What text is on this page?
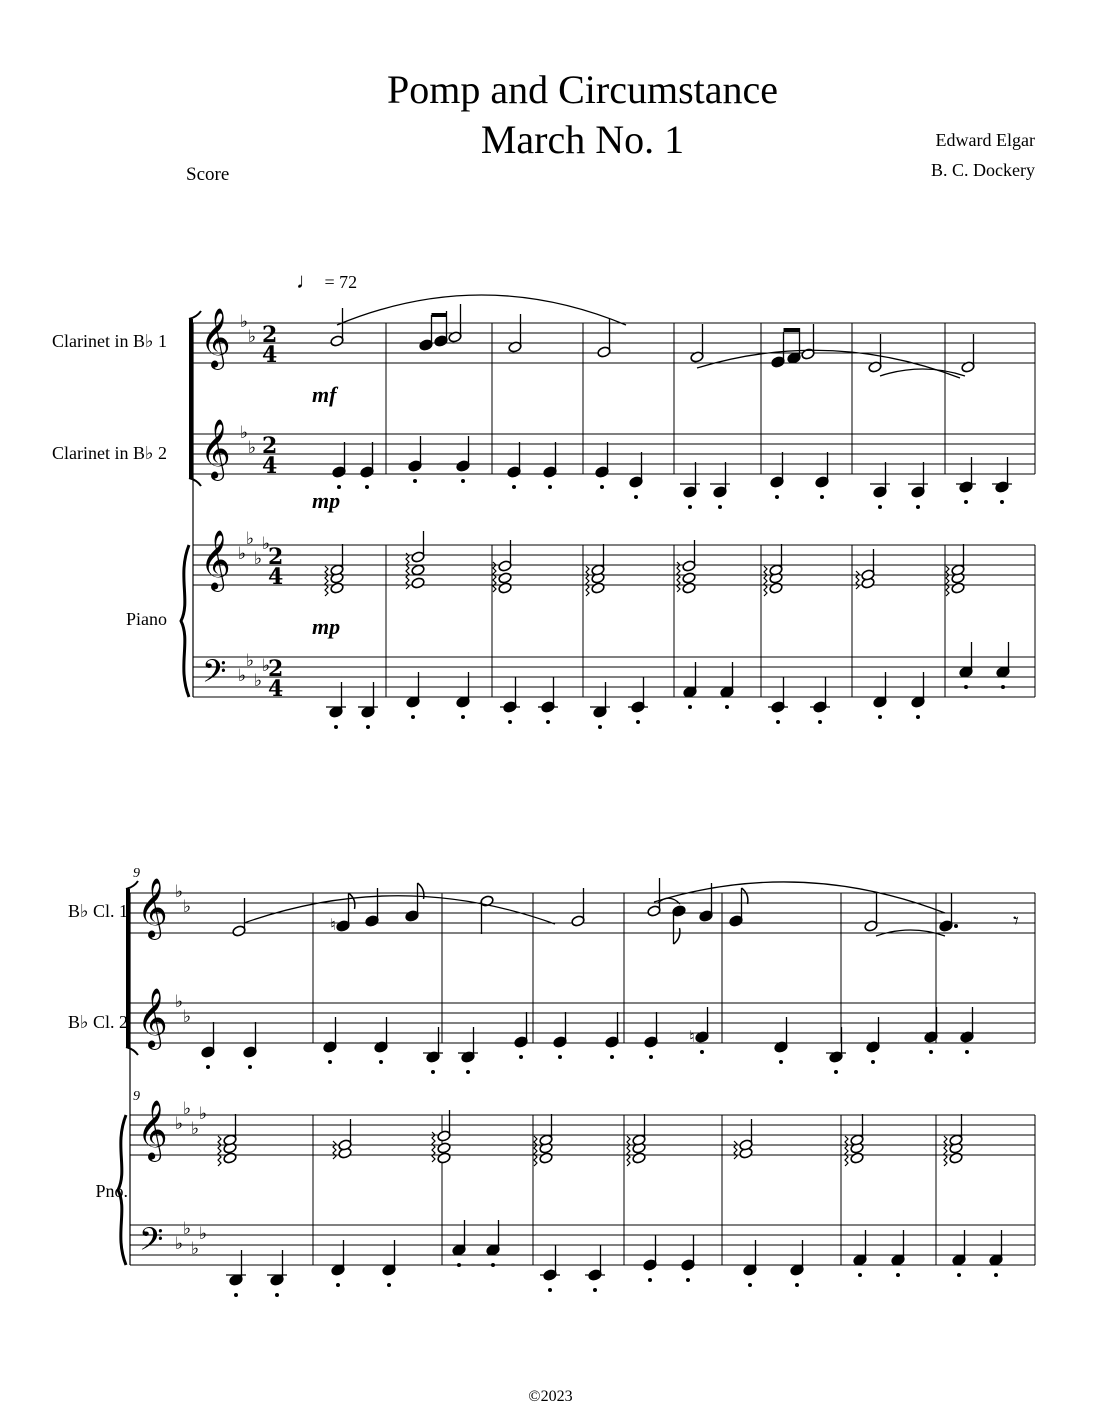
Pomp and Circumstance
March No. 1	Edward Elgar
B. C. Dockery
Score
Clarinet in B♭ 1
Clarinet in B♭ 2
Piano
B♭ Cl. 1
B♭ Cl. 2
Pno.
𝄞 ♭
♭ 2
4
𝄞 ♭
♭ 2
4
𝄞 ♭
♭
♭
♭
2
4
𝄢 ♭
♭
♭
♭
2
4
𝄞 ♭
♭
𝄞 ♭
♭
𝄞 ♭
♭
♭
♭
𝄢 ♭
♭
♭
♭
♮	𝄾
♮
♩ = 72
mf
mp
mp
9
9
©2023
